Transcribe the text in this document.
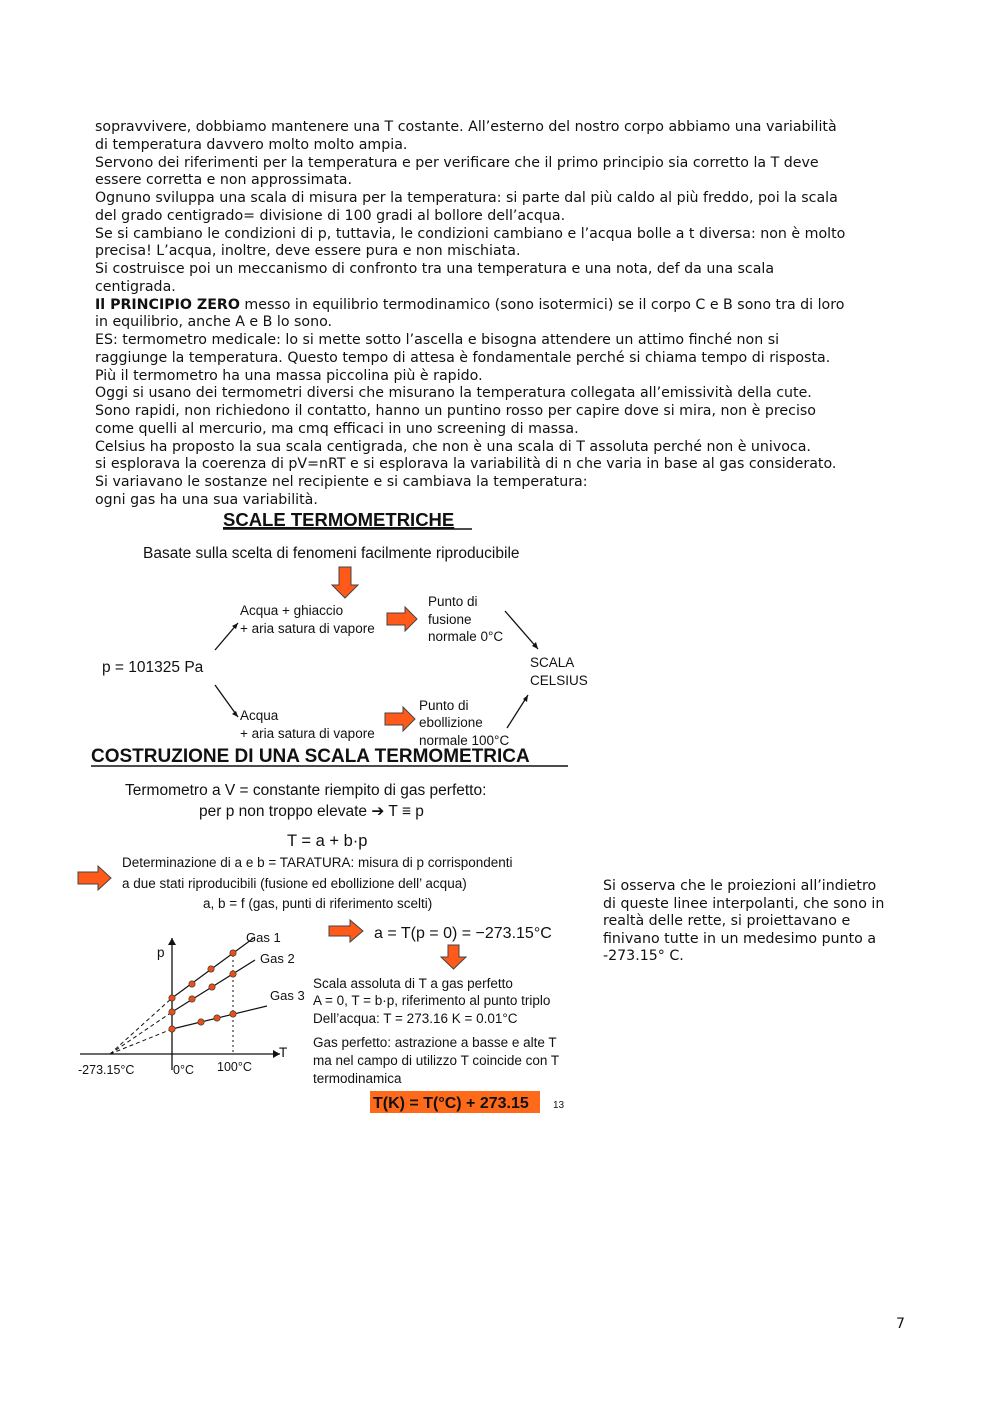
sopravvivere, dobbiamo mantenere una T costante. All’esterno del nostro corpo abbiamo una variabilità

di temperatura davvero molto molto ampia.

Servono dei riferimenti per la temperatura e per verificare che il primo principio sia corretto la T deve

essere corretta e non approssimata.

Ognuno sviluppa una scala di misura per la temperatura: si parte dal più caldo al più freddo, poi la scala

del grado centigrado= divisione di 100 gradi al bollore dell’acqua.

Se si cambiano le condizioni di p, tuttavia, le condizioni cambiano e l’acqua bolle a t diversa: non è molto

precisa! L’acqua, inoltre, deve essere pura e non mischiata.

Si costruisce poi un meccanismo di confronto tra una temperatura e una nota, def da una scala

centigrada.

Il PRINCIPIO ZERO messo in equilibrio termodinamico (sono isotermici) se il corpo C e B sono tra di loro

in equilibrio, anche A e B lo sono.

ES: termometro medicale: lo si mette sotto l’ascella e bisogna attendere un attimo finché non si

raggiunge la temperatura. Questo tempo di attesa è fondamentale perché si chiama tempo di risposta.

Più il termometro ha una massa piccolina più è rapido.

Oggi si usano dei termometri diversi che misurano la temperatura collegata all’emissività della cute.

Sono rapidi, non richiedono il contatto, hanno un puntino rosso per capire dove si mira, non è preciso

come quelli al mercurio, ma cmq efficaci in uno screening di massa.

Celsius ha proposto la sua scala centigrada, che non è una scala di T assoluta perché non è univoca.

si esplorava la coerenza di pV=nRT e si esplorava la variabilità di n che varia in base al gas considerato.

Si variavano le sostanze nel recipiente e si cambiava la temperatura:

ogni gas ha una sua variabilità.

SCALE TERMOMETRICHE
Basate sulla scelta di fenomeni facilmente riproducibile
Acqua + ghiaccio
+ aria satura di vapore
Punto di
fusione
normale 0°C
p = 101325 Pa	SCALA
CELSIUS
Acqua
+ aria satura di vapore
Punto di
ebollizione
normale 100°C
COSTRUZIONE DI UNA SCALA TERMOMETRICA
Termometro a V = constante riempito di gas perfetto:
per p non troppo elevate ➔ T ≡ p
T = a + b·p
Determinazione di a e b = TARATURA: misura di p corrispondenti
a due stati riproducibili (fusione ed ebollizione dell’ acqua)
a, b = f (gas, punti di riferimento scelti)
p
T
Gas 1
Gas 2
Gas 3
-273.15°C	0°C 100°C
a = T(p = 0) = −273.15°C
Scala assoluta di T a gas perfetto
A = 0, T = b·p, riferimento al punto triplo
Dell’acqua: T = 273.16 K = 0.01°C
Gas perfetto: astrazione a basse e alte T
ma nel campo di utilizzo T coincide con T
termodinamica
T(K) = T(°C) + 273.15 13
Si osserva che le proiezioni all’indietro
di queste linee interpolanti, che sono in
realtà delle rette, si proiettavano e
finivano tutte in un medesimo punto a
-273.15° C.
7
